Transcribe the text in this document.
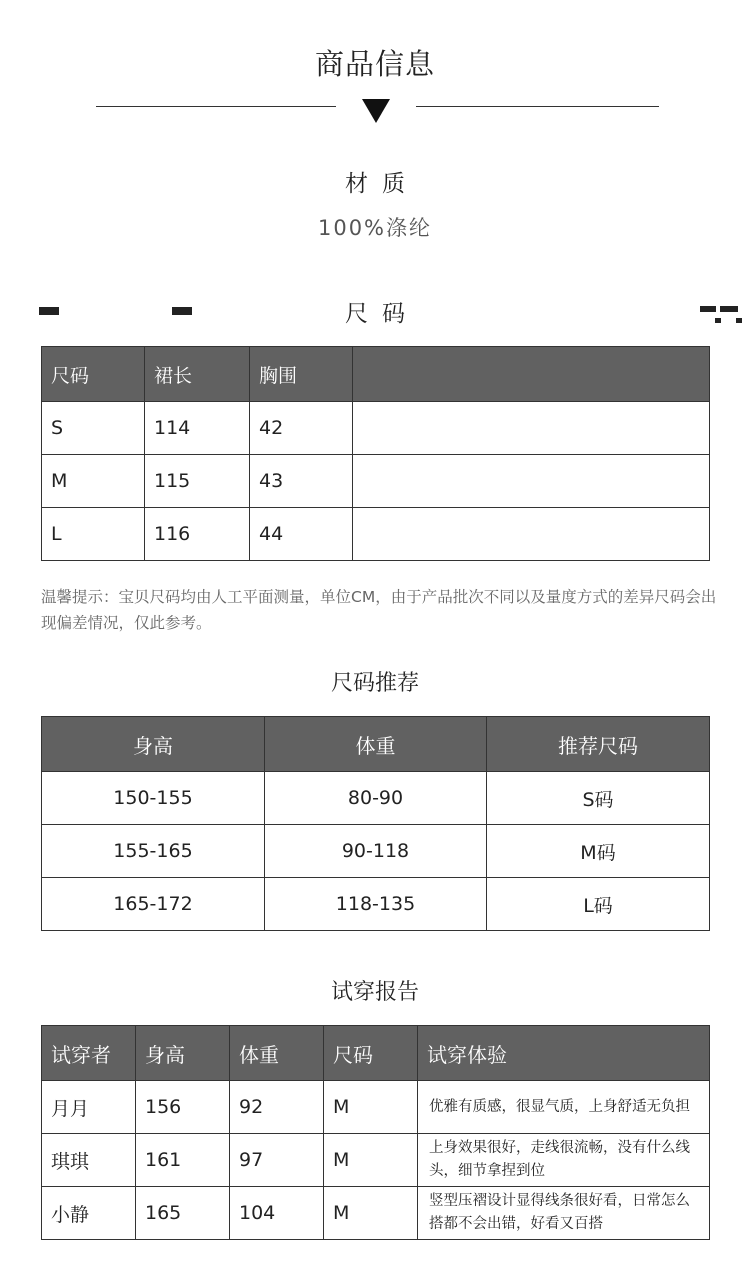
商品信息
材质
100%涤纶
尺码
尺码	裙长	胸围	
S	114	42	
M	115	43	
L	116	44	
温馨提示：宝贝尺码均由人工平面测量，单位CM，由于产品批次不同以及量度方式的差异尺码会出现偏差情况，仅此参考。
尺码推荐
身高	体重	推荐尺码
150-155	80-90	S码
155-165	90-118	M码
165-172	118-135	L码
试穿报告
试穿者	身高	体重	尺码	试穿体验
月月	156	92	M	优雅有质感，很显气质，上身舒适无负担
琪琪	161	97	M	上身效果很好，走线很流畅，没有什么线头，细节拿捏到位
小静	165	104	M	竖型压褶设计显得线条很好看，日常怎么搭都不会出错，好看又百搭
